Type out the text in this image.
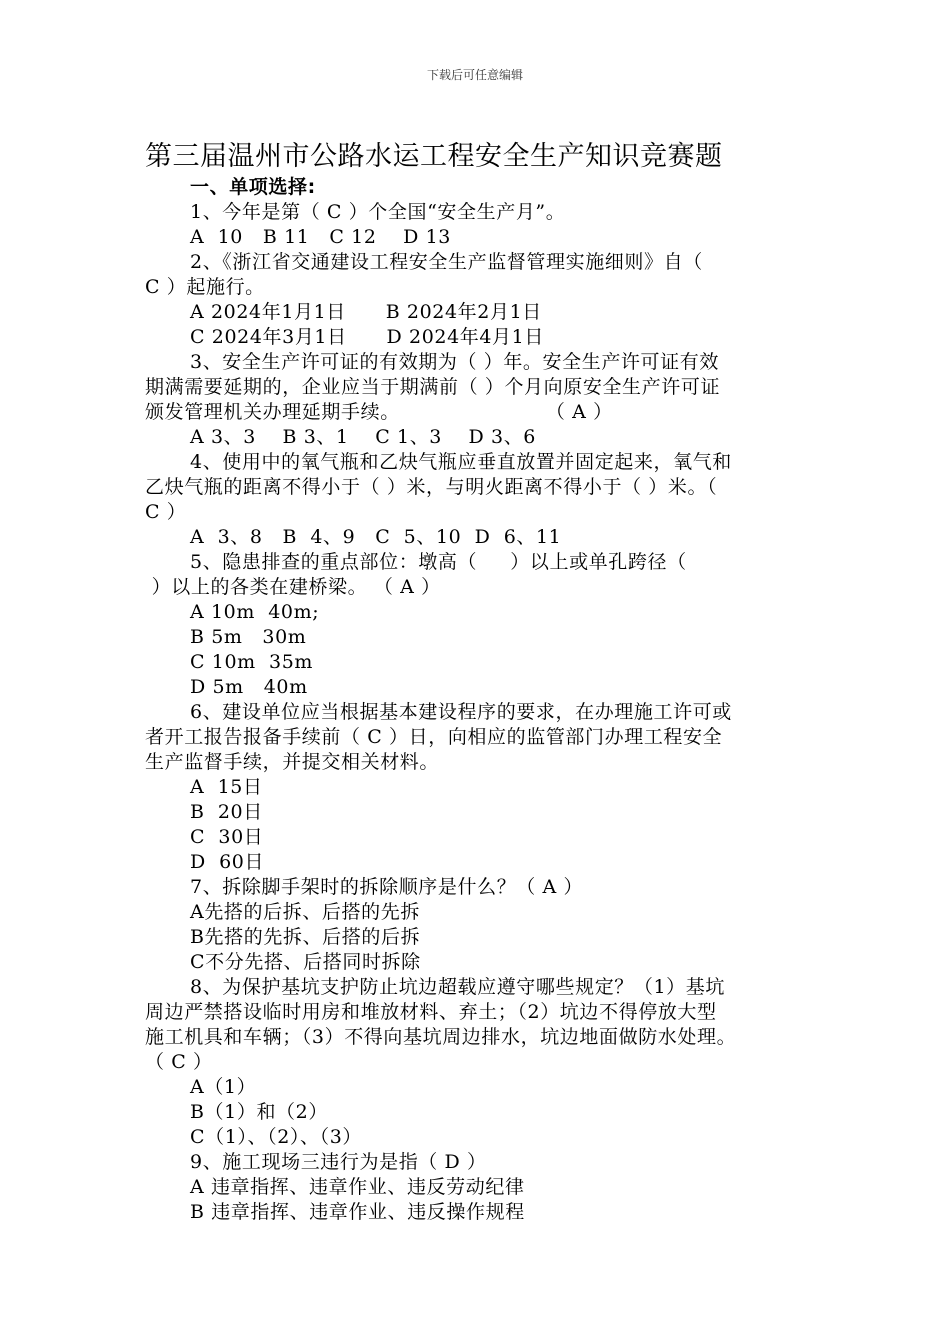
下载后可任意编辑
第三届温州市公路水运工程安全生产知识竞赛题
一、单项选择:
1、今年是第（ C ）个全国“安全生产月”。
A  10   B 11   C 12    D 13
2、《浙江省交通建设工程安全生产监督管理实施细则》自（
C ）起施行。
A 2024年1月1日      B 2024年2月1日
C 2024年3月1日      D 2024年4月1日
3、安全生产许可证的有效期为（ ）年。安全生产许可证有效
期满需要延期的，企业应当于期满前（ ）个月向原安全生产许可证
颁发管理机关办理延期手续。                      （ A ）
A 3、3    B 3、1    C 1、3    D 3、6
4、使用中的氧气瓶和乙炔气瓶应垂直放置并固定起来，氧气和
乙炔气瓶的距离不得小于（ ）米，与明火距离不得小于（ ）米。（
C ）
A  3、8   B  4、9   C  5、10  D  6、11
5、隐患排查的重点部位：墩高（     ）以上或单孔跨径（
）以上的各类在建桥梁。 （ A ）
A 10m  40m;
B 5m   30m
C 10m  35m
D 5m   40m
6、建设单位应当根据基本建设程序的要求，在办理施工许可或
者开工报告报备手续前（ C ）日，向相应的监管部门办理工程安全
生产监督手续，并提交相关材料。
A  15日
B  20日
C  30日
D  60日
7、拆除脚手架时的拆除顺序是什么？（ A ）
A先搭的后拆、后搭的先拆
B先搭的先拆、后搭的后拆
C不分先搭、后搭同时拆除
8、为保护基坑支护防止坑边超载应遵守哪些规定？（1）基坑
周边严禁搭设临时用房和堆放材料、弃土；（2）坑边不得停放大型
施工机具和车辆；（3）不得向基坑周边排水，坑边地面做防水处理。
（ C ）
A（1）
B（1）和（2）
C（1）、（2）、（3）
9、施工现场三违行为是指（ D ）
A 违章指挥、违章作业、违反劳动纪律
B 违章指挥、违章作业、违反操作规程
